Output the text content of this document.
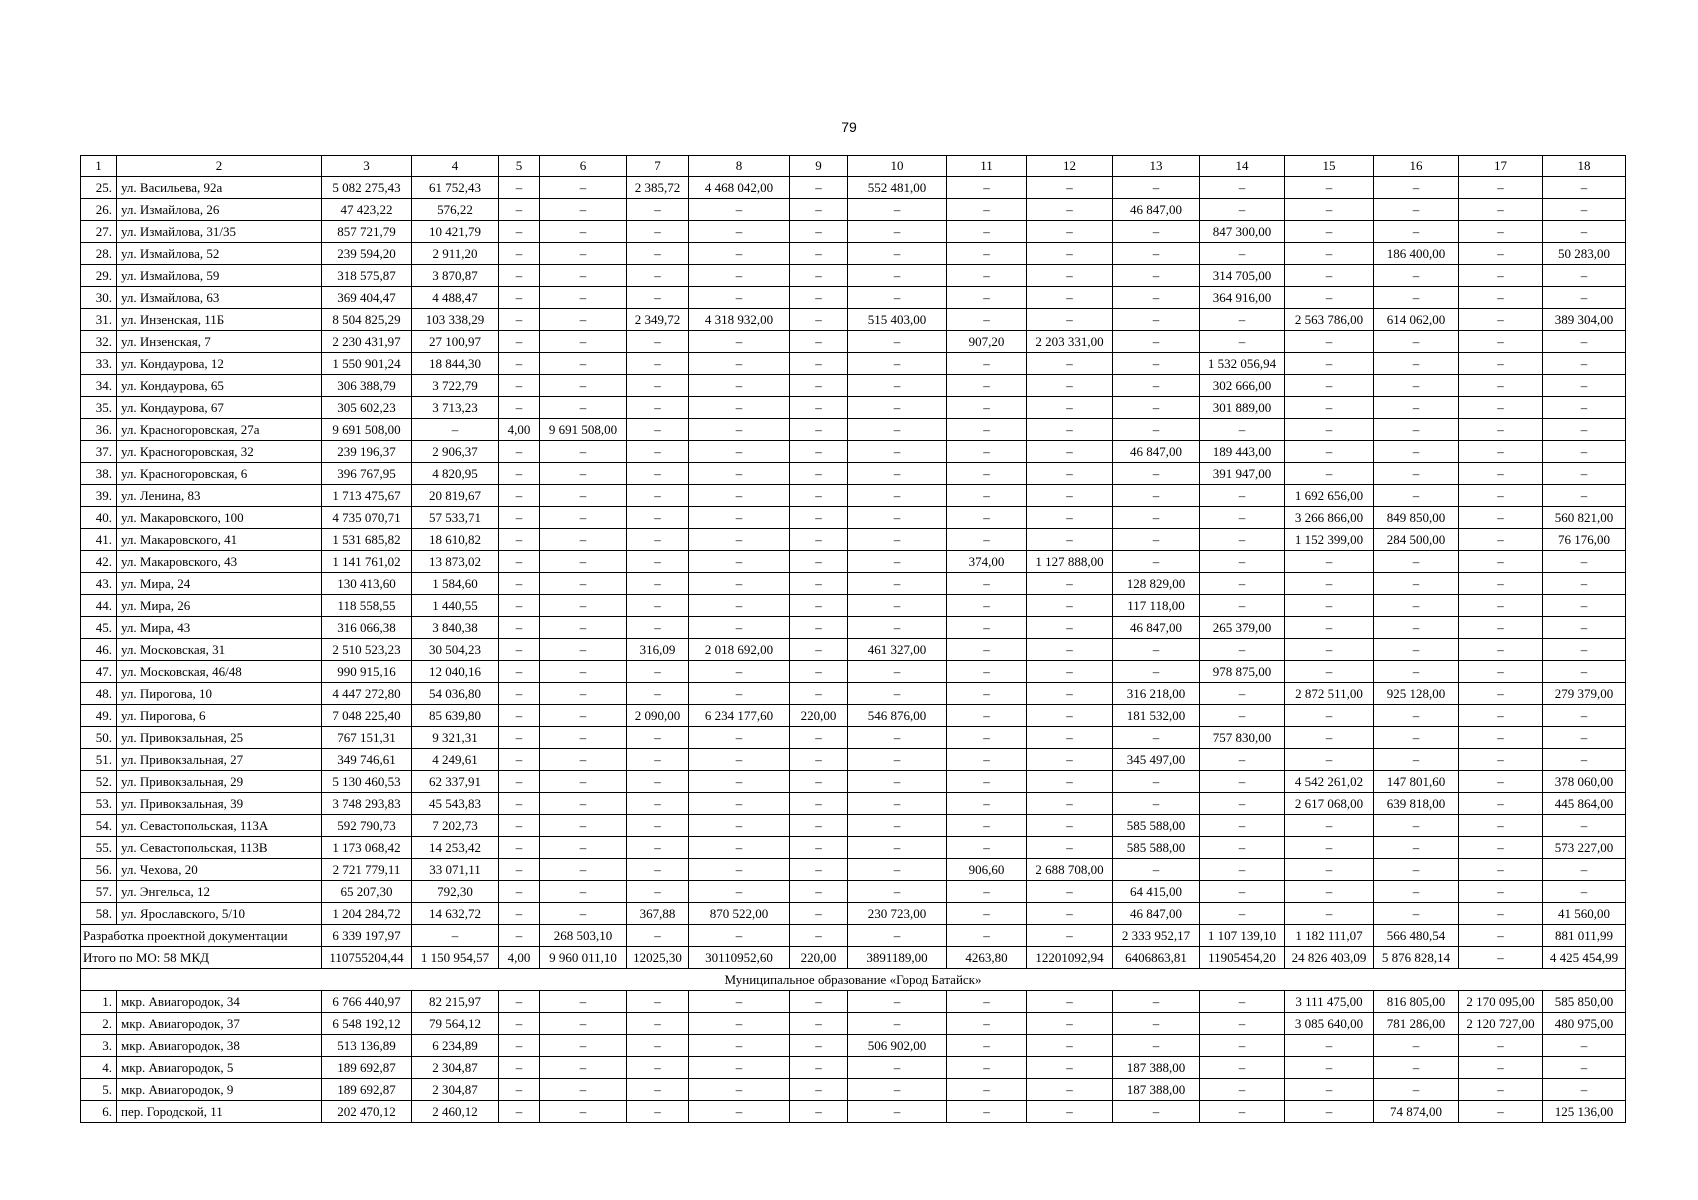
79
1	2	3	4	5	6	7	8	9	10	11	12	13	14	15	16	17	18
25.	ул. Васильева, 92а	5 082 275,43	61 752,43	–	–	2 385,72	4 468 042,00	–	552 481,00	–	–	–	–	–	–	–	–
26.	ул. Измайлова, 26	47 423,22	576,22	–	–	–	–	–	–	–	–	46 847,00	–	–	–	–	–
27.	ул. Измайлова, 31/35	857 721,79	10 421,79	–	–	–	–	–	–	–	–	–	847 300,00	–	–	–	–
28.	ул. Измайлова, 52	239 594,20	2 911,20	–	–	–	–	–	–	–	–	–	–	–	186 400,00	–	50 283,00
29.	ул. Измайлова, 59	318 575,87	3 870,87	–	–	–	–	–	–	–	–	–	314 705,00	–	–	–	–
30.	ул. Измайлова, 63	369 404,47	4 488,47	–	–	–	–	–	–	–	–	–	364 916,00	–	–	–	–
31.	ул. Инзенская, 11Б	8 504 825,29	103 338,29	–	–	2 349,72	4 318 932,00	–	515 403,00	–	–	–	–	2 563 786,00	614 062,00	–	389 304,00
32.	ул. Инзенская, 7	2 230 431,97	27 100,97	–	–	–	–	–	–	907,20	2 203 331,00	–	–	–	–	–	–
33.	ул. Кондаурова, 12	1 550 901,24	18 844,30	–	–	–	–	–	–	–	–	–	1 532 056,94	–	–	–	–
34.	ул. Кондаурова, 65	306 388,79	3 722,79	–	–	–	–	–	–	–	–	–	302 666,00	–	–	–	–
35.	ул. Кондаурова, 67	305 602,23	3 713,23	–	–	–	–	–	–	–	–	–	301 889,00	–	–	–	–
36.	ул. Красногоровская, 27а	9 691 508,00	–	4,00	9 691 508,00	–	–	–	–	–	–	–	–	–	–	–	–
37.	ул. Красногоровская, 32	239 196,37	2 906,37	–	–	–	–	–	–	–	–	46 847,00	189 443,00	–	–	–	–
38.	ул. Красногоровская, 6	396 767,95	4 820,95	–	–	–	–	–	–	–	–	–	391 947,00	–	–	–	–
39.	ул. Ленина, 83	1 713 475,67	20 819,67	–	–	–	–	–	–	–	–	–	–	1 692 656,00	–	–	–
40.	ул. Макаровского, 100	4 735 070,71	57 533,71	–	–	–	–	–	–	–	–	–	–	3 266 866,00	849 850,00	–	560 821,00
41.	ул. Макаровского, 41	1 531 685,82	18 610,82	–	–	–	–	–	–	–	–	–	–	1 152 399,00	284 500,00	–	76 176,00
42.	ул. Макаровского, 43	1 141 761,02	13 873,02	–	–	–	–	–	–	374,00	1 127 888,00	–	–	–	–	–	–
43.	ул. Мира, 24	130 413,60	1 584,60	–	–	–	–	–	–	–	–	128 829,00	–	–	–	–	–
44.	ул. Мира, 26	118 558,55	1 440,55	–	–	–	–	–	–	–	–	117 118,00	–	–	–	–	–
45.	ул. Мира, 43	316 066,38	3 840,38	–	–	–	–	–	–	–	–	46 847,00	265 379,00	–	–	–	–
46.	ул. Московская, 31	2 510 523,23	30 504,23	–	–	316,09	2 018 692,00	–	461 327,00	–	–	–	–	–	–	–	–
47.	ул. Московская, 46/48	990 915,16	12 040,16	–	–	–	–	–	–	–	–	–	978 875,00	–	–	–	–
48.	ул. Пирогова, 10	4 447 272,80	54 036,80	–	–	–	–	–	–	–	–	316 218,00	–	2 872 511,00	925 128,00	–	279 379,00
49.	ул. Пирогова, 6	7 048 225,40	85 639,80	–	–	2 090,00	6 234 177,60	220,00	546 876,00	–	–	181 532,00	–	–	–	–	–
50.	ул. Привокзальная, 25	767 151,31	9 321,31	–	–	–	–	–	–	–	–	–	757 830,00	–	–	–	–
51.	ул. Привокзальная, 27	349 746,61	4 249,61	–	–	–	–	–	–	–	–	345 497,00	–	–	–	–	–
52.	ул. Привокзальная, 29	5 130 460,53	62 337,91	–	–	–	–	–	–	–	–	–	–	4 542 261,02	147 801,60	–	378 060,00
53.	ул. Привокзальная, 39	3 748 293,83	45 543,83	–	–	–	–	–	–	–	–	–	–	2 617 068,00	639 818,00	–	445 864,00
54.	ул. Севастопольская, 113А	592 790,73	7 202,73	–	–	–	–	–	–	–	–	585 588,00	–	–	–	–	–
55.	ул. Севастопольская, 113В	1 173 068,42	14 253,42	–	–	–	–	–	–	–	–	585 588,00	–	–	–	–	573 227,00
56.	ул. Чехова, 20	2 721 779,11	33 071,11	–	–	–	–	–	–	906,60	2 688 708,00	–	–	–	–	–	–
57.	ул. Энгельса, 12	65 207,30	792,30	–	–	–	–	–	–	–	–	64 415,00	–	–	–	–	–
58.	ул. Ярославского, 5/10	1 204 284,72	14 632,72	–	–	367,88	870 522,00	–	230 723,00	–	–	46 847,00	–	–	–	–	41 560,00
Разработка проектной документации		6 339 197,97	–	–	268 503,10	–	–	–	–	–	–	2 333 952,17	1 107 139,10	1 182 111,07	566 480,54	–	881 011,99
Итого по МО: 58 МКД		110755204,44	1 150 954,57	4,00	9 960 011,10	12025,30	30110952,60	220,00	3891189,00	4263,80	12201092,94	6406863,81	11905454,20	24 826 403,09	5 876 828,14	–	4 425 454,99
Муниципальное образование «Город Батайск»																	
1.	мкр. Авиагородок, 34	6 766 440,97	82 215,97	–	–	–	–	–	–	–	–	–	–	3 111 475,00	816 805,00	2 170 095,00	585 850,00
2.	мкр. Авиагородок, 37	6 548 192,12	79 564,12	–	–	–	–	–	–	–	–	–	–	3 085 640,00	781 286,00	2 120 727,00	480 975,00
3.	мкр. Авиагородок, 38	513 136,89	6 234,89	–	–	–	–	–	506 902,00	–	–	–	–	–	–	–	–
4.	мкр. Авиагородок, 5	189 692,87	2 304,87	–	–	–	–	–	–	–	–	187 388,00	–	–	–	–	–
5.	мкр. Авиагородок, 9	189 692,87	2 304,87	–	–	–	–	–	–	–	–	187 388,00	–	–	–	–	–
6.	пер. Городской, 11	202 470,12	2 460,12	–	–	–	–	–	–	–	–	–	–	–	74 874,00	–	125 136,00
